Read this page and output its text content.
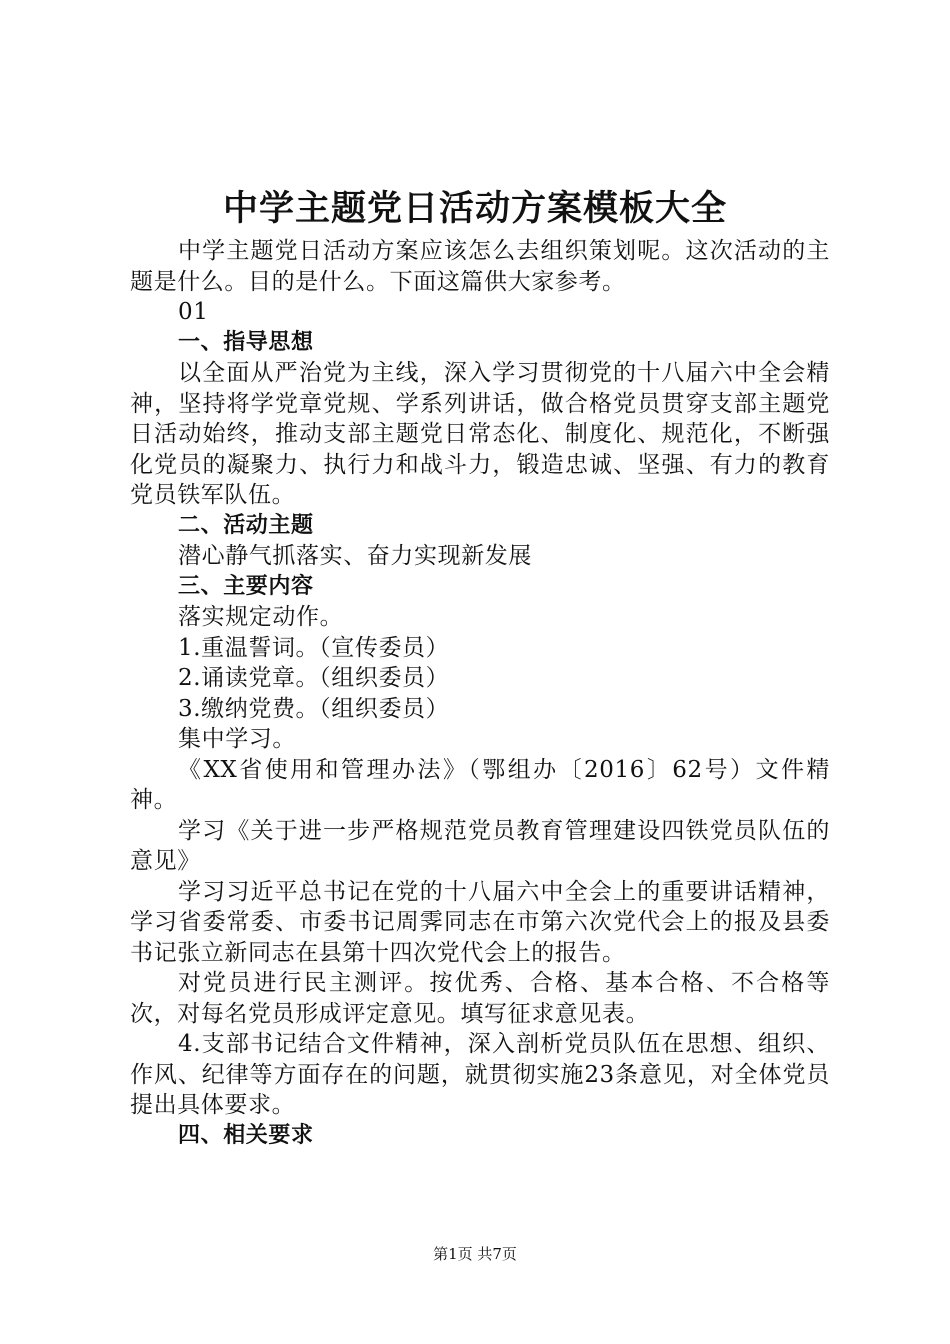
中学主题党日活动方案模板大全

中学主题党日活动方案应该怎么去组织策划呢。这次活动的主题是什么。目的是什么。下面这篇供大家参考。

01

一、指导思想

以全面从严治党为主线，深入学习贯彻党的十八届六中全会精神，坚持将学党章党规、学系列讲话，做合格党员贯穿支部主题党日活动始终，推动支部主题党日常态化、制度化、规范化，不断强化党员的凝聚力、执行力和战斗力，锻造忠诚、坚强、有力的教育党员铁军队伍。

二、活动主题

潜心静气抓落实、奋力实现新发展

三、主要内容

落实规定动作。

1.重温誓词。（宣传委员）

2.诵读党章。（组织委员）

3.缴纳党费。（组织委员）

集中学习。

《XX省使用和管理办法》（鄂组办〔2016〕62号）文件精神。

学习《关于进一步严格规范党员教育管理建设四铁党员队伍的意见》

学习习近平总书记在党的十八届六中全会上的重要讲话精神，学习省委常委、市委书记周霁同志在市第六次党代会上的报及县委书记张立新同志在县第十四次党代会上的报告。

对党员进行民主测评。按优秀、合格、基本合格、不合格等次，对每名党员形成评定意见。填写征求意见表。

4.支部书记结合文件精神，深入剖析党员队伍在思想、组织、作风、纪律等方面存在的问题，就贯彻实施23条意见，对全体党员提出具体要求。

四、相关要求

第1页 共7页
